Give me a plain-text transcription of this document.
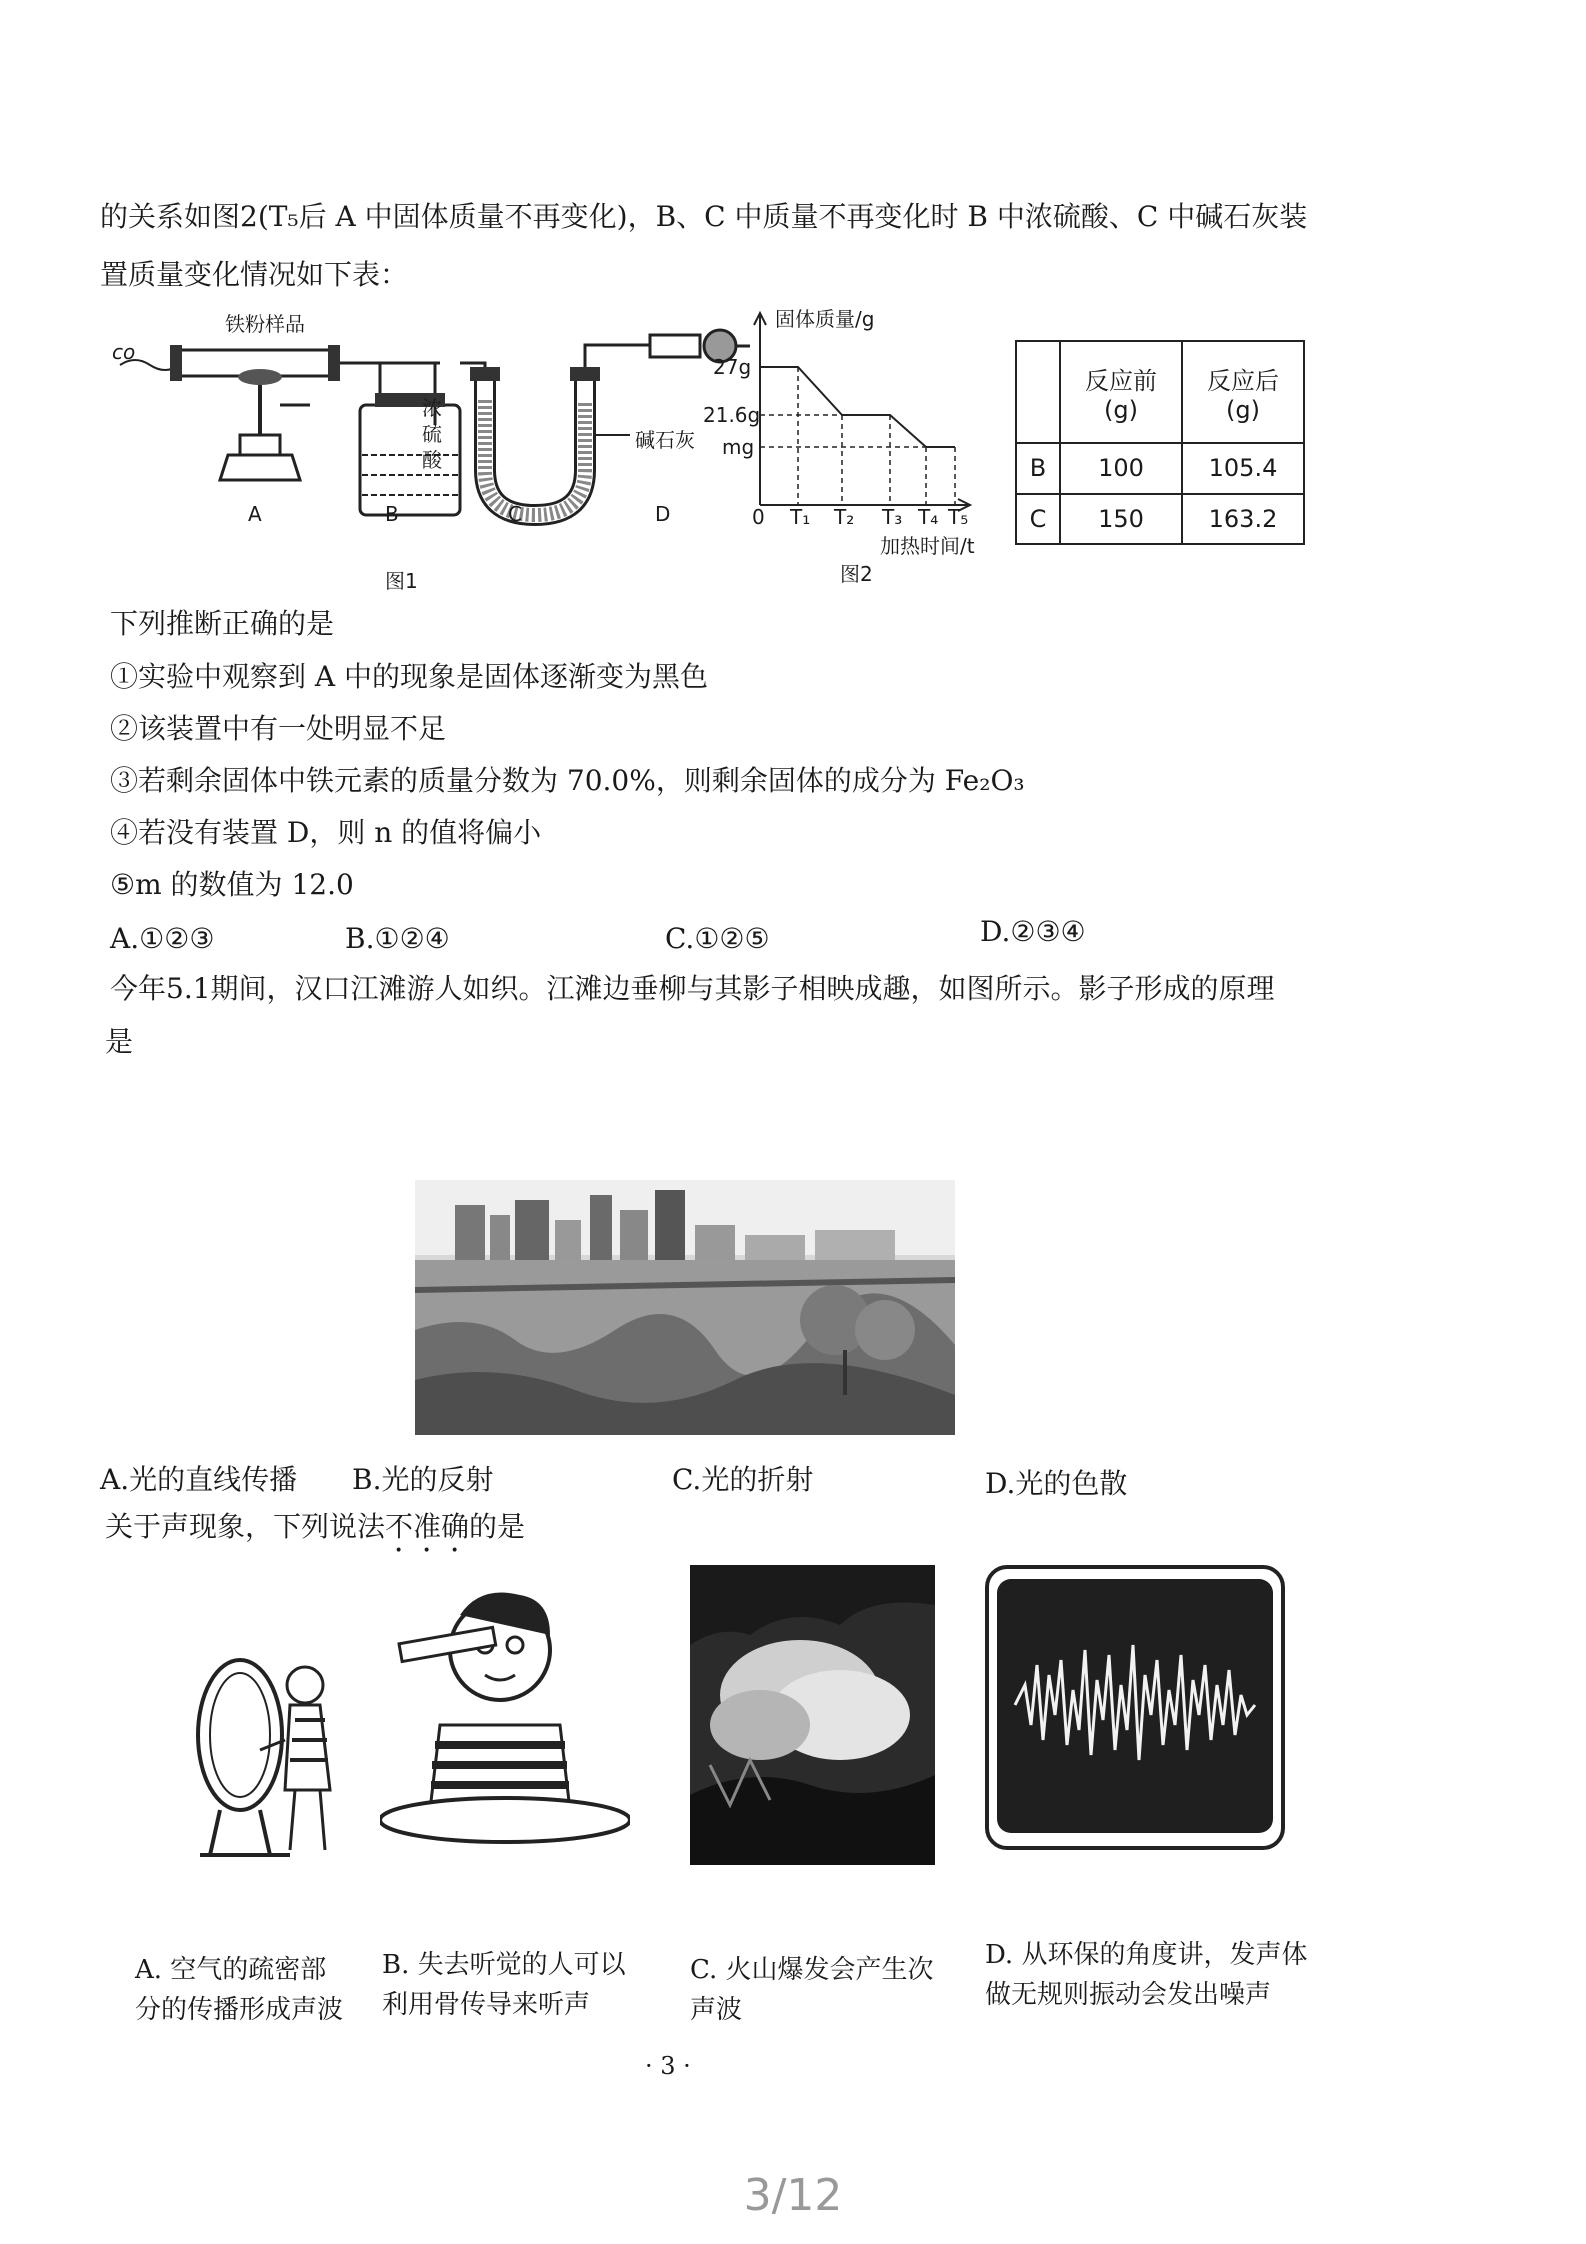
的关系如图2(T₅后 A 中固体质量不再变化)，B、C 中质量不再变化时 B 中浓硫酸、C 中碱石灰装
置质量变化情况如下表：
co
铁粉样品
浓硫酸
碱石灰
A	B	C	D
图1
固体质量/g
27g
21.6g
mg
0 T₁ T₂ T₃ T₄ T₅
加热时间/t
图2
	反应前(g)	反应后(g)
B	100	105.4
C	150	163.2
下列推断正确的是
①实验中观察到 A 中的现象是固体逐渐变为黑色
②该装置中有一处明显不足
③若剩余固体中铁元素的质量分数为 70.0%，则剩余固体的成分为 Fe₂O₃
④若没有装置 D，则 n 的值将偏小
⑤m 的数值为 12.0
A.①②③	B.①②④	C.①②⑤	D.②③④
今年5.1期间，汉口江滩游人如织。江滩边垂柳与其影子相映成趣，如图所示。影子形成的原理
是
A.光的直线传播 B.光的反射	C.光的折射	D.光的色散
关于声现象，下列说法不准确的是
A. 空气的疏密部分的传播形成声波
B. 失去听觉的人可以利用骨传导来听声
C. 火山爆发会产生次声波
D. 从环保的角度讲，发声体做无规则振动会发出噪声
· 3 ·
3/12
